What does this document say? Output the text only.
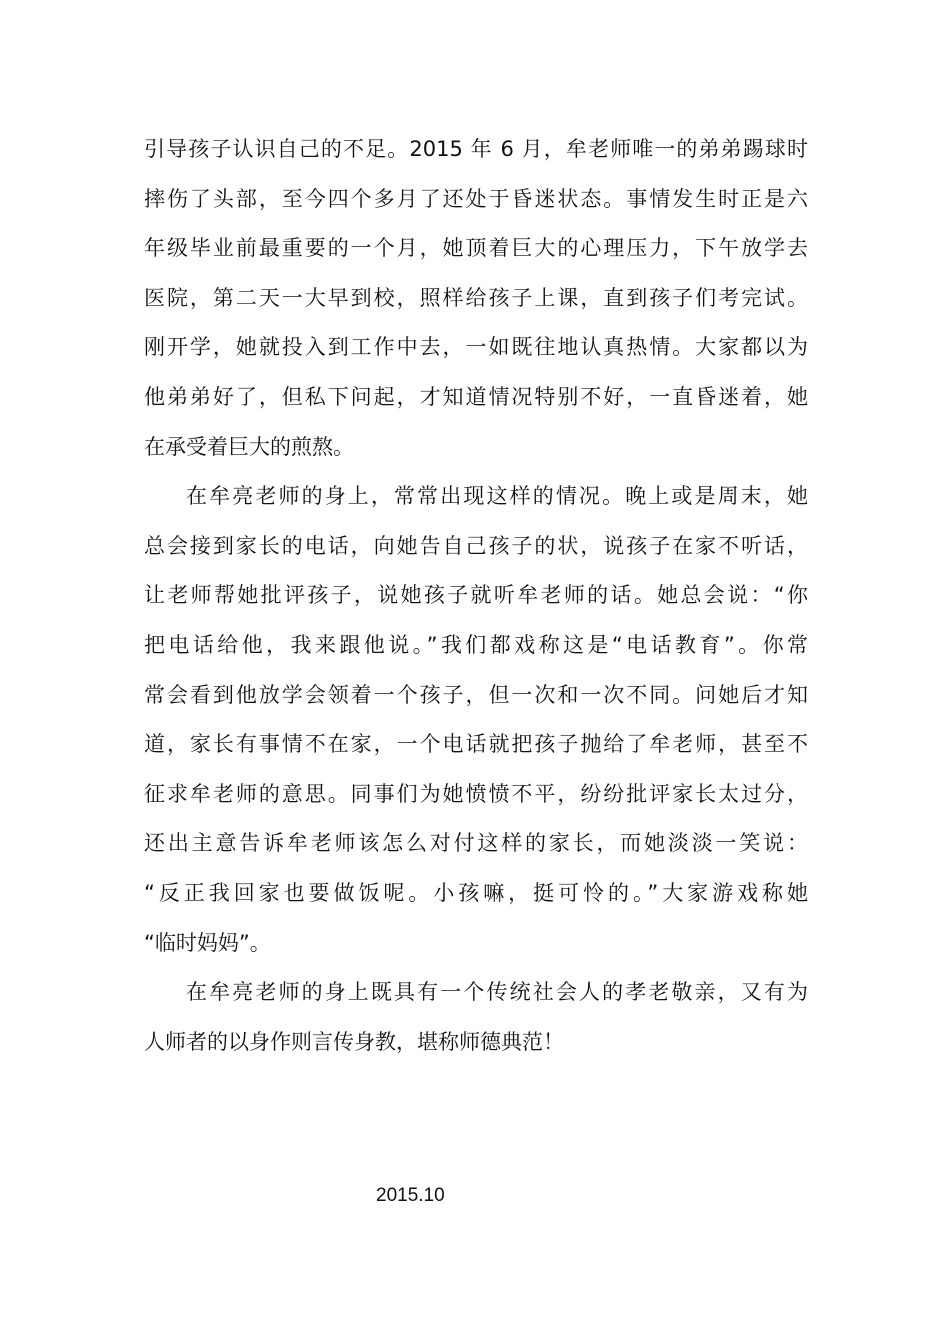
引导孩子认识自己的不足。2015 年 6 月，牟老师唯一的弟弟踢球时
摔伤了头部，至今四个多月了还处于昏迷状态。事情发生时正是六
年级毕业前最重要的一个月，她顶着巨大的心理压力，下午放学去
医院，第二天一大早到校，照样给孩子上课，直到孩子们考完试。
刚开学，她就投入到工作中去，一如既往地认真热情。大家都以为
他弟弟好了，但私下问起，才知道情况特别不好，一直昏迷着，她
在承受着巨大的煎熬。
在牟亮老师的身上，常常出现这样的情况。晚上或是周末，她
总会接到家长的电话，向她告自己孩子的状，说孩子在家不听话，
让老师帮她批评孩子，说她孩子就听牟老师的话。她总会说：“你
把电话给他，我来跟他说。”我们都戏称这是“电话教育”。你常
常会看到他放学会领着一个孩子，但一次和一次不同。问她后才知
道，家长有事情不在家，一个电话就把孩子抛给了牟老师，甚至不
征求牟老师的意思。同事们为她愤愤不平，纷纷批评家长太过分，
还出主意告诉牟老师该怎么对付这样的家长，而她淡淡一笑说：
“反正我回家也要做饭呢。小孩嘛，挺可怜的。”大家游戏称她
“临时妈妈”。
在牟亮老师的身上既具有一个传统社会人的孝老敬亲，又有为
人师者的以身作则言传身教，堪称师德典范！
2015.10
